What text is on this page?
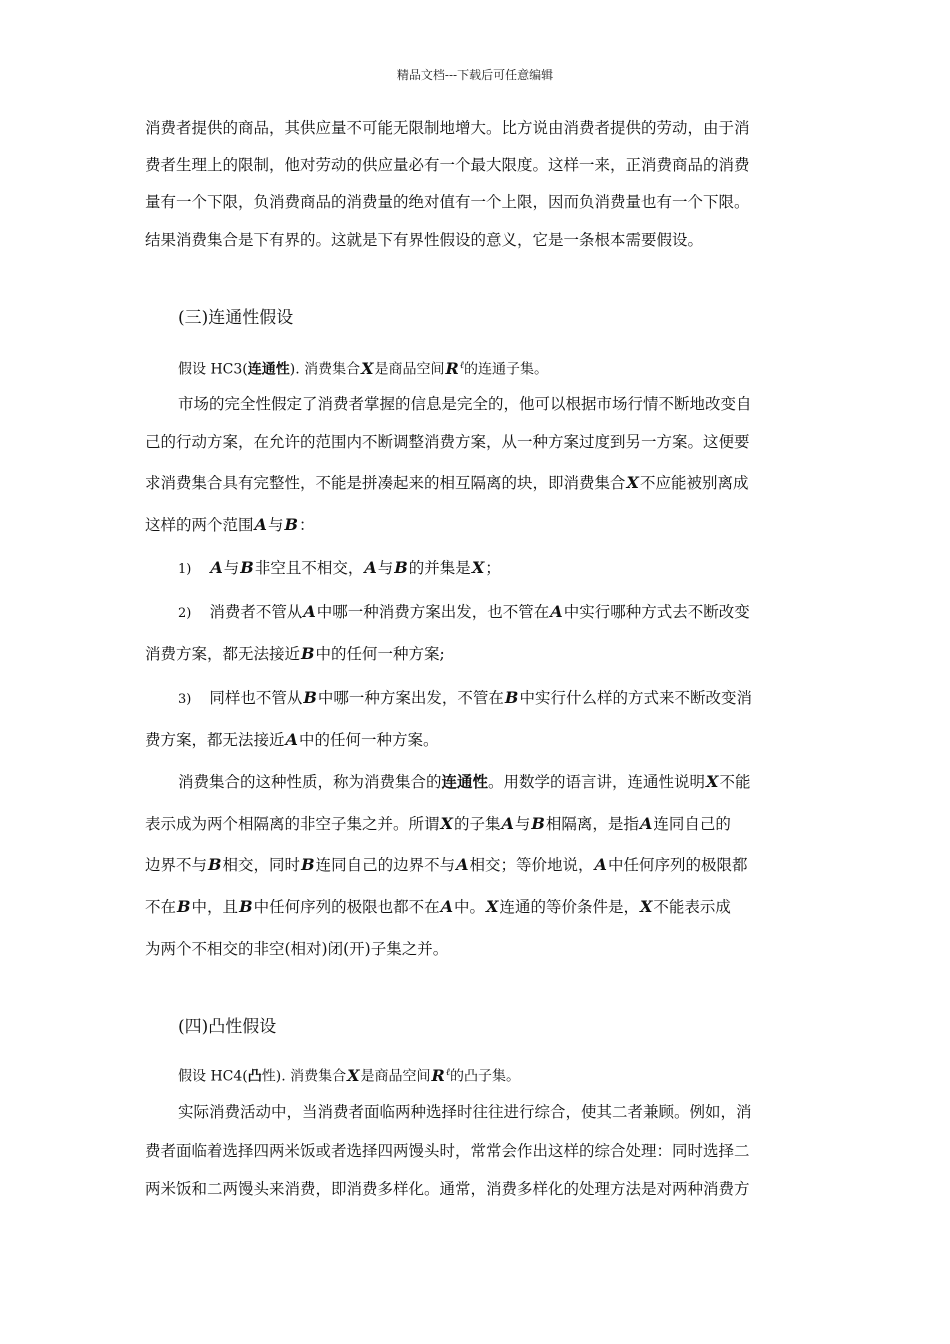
精品文档---下载后可任意编辑
消费者提供的商品，其供应量不可能无限制地增大。比方说由消费者提供的劳动，由于消
费者生理上的限制，他对劳动的供应量必有一个最大限度。这样一来，正消费商品的消费
量有一个下限，负消费商品的消费量的绝对值有一个上限，因而负消费量也有一个下限。
结果消费集合是下有界的。这就是下有界性假设的意义，它是一条根本需要假设。
(三)连通性假设
假设 HC3(连通性). 消费集合X是商品空间$R^\ell$的连通子集。
市场的完全性假定了消费者掌握的信息是完全的，他可以根据市场行情不断地改变自
己的行动方案，在允许的范围内不断调整消费方案，从一种方案过度到另一方案。这便要
求消费集合具有完整性，不能是拼凑起来的相互隔离的块，即消费集合X不应能被别离成
这样的两个范围A与B：
1) A与B非空且不相交，A与B的并集是X；
2) 消费者不管从A中哪一种消费方案出发，也不管在A中实行哪种方式去不断改变
消费方案，都无法接近B中的任何一种方案;
3) 同样也不管从B中哪一种方案出发，不管在B中实行什么样的方式来不断改变消
费方案，都无法接近A中的任何一种方案。
消费集合的这种性质，称为消费集合的连通性。用数学的语言讲，连通性说明X不能
表示成为两个相隔离的非空子集之并。所谓X的子集A与B相隔离，是指A连同自己的
边界不与B相交，同时B连同自己的边界不与A相交；等价地说，A中任何序列的极限都
不在B中，且B中任何序列的极限也都不在A中。X连通的等价条件是，X不能表示成
为两个不相交的非空(相对)闭(开)子集之并。
(四)凸性假设
假设 HC4(凸性). 消费集合X是商品空间$R^\ell$的凸子集。
实际消费活动中，当消费者面临两种选择时往往进行综合，使其二者兼顾。例如，消
费者面临着选择四两米饭或者选择四两馒头时，常常会作出这样的综合处理：同时选择二
两米饭和二两馒头来消费，即消费多样化。通常，消费多样化的处理方法是对两种消费方
